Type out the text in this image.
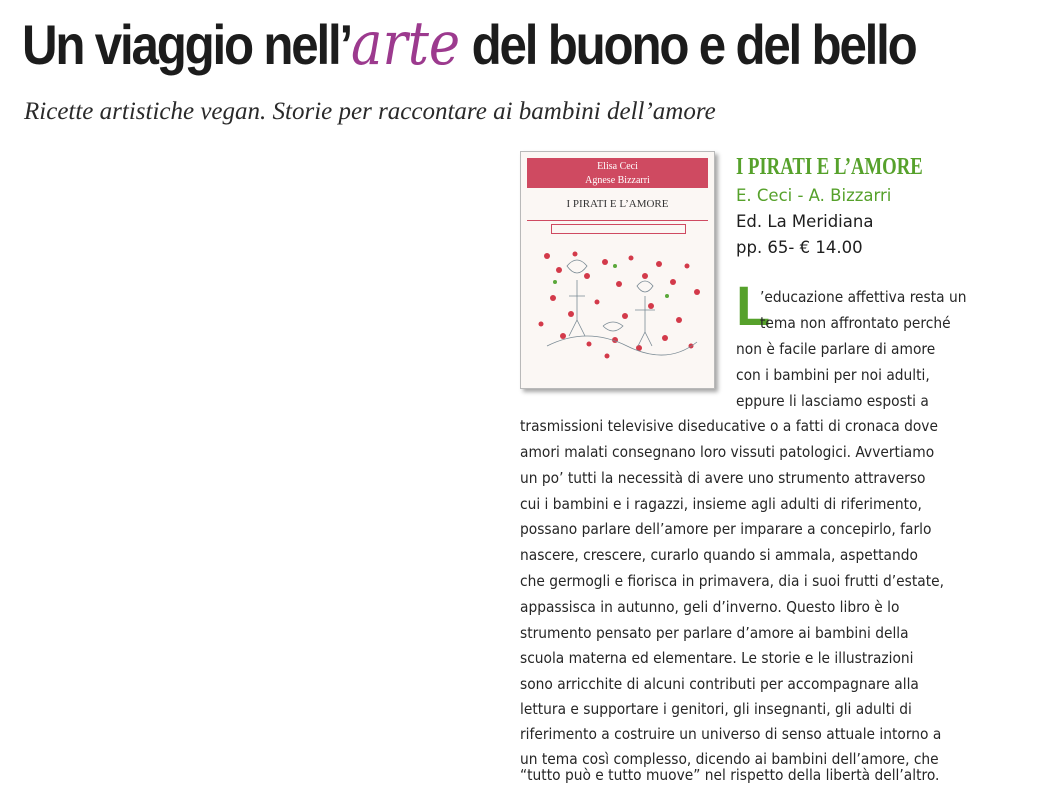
Un viaggio nell’arte del buono e del bello

Ricette artistiche vegan. Storie per raccontare ai bambini dell’amore

Elisa Ceci
Agnese Bizzarri
I PIRATI E L’AMORE
I PIRATI E L’AMORE
E. Ceci - A. Bizzarri
Ed. La Meridiana
pp. 65- € 14.00
L
’educazione affettiva resta un
tema non affrontato perché
non è facile parlare di amore
con i bambini per noi adulti,
eppure li lasciamo esposti a
trasmissioni televisive diseducative o a fatti di cronaca dove
amori malati consegnano loro vissuti patologici. Avvertiamo
un po’ tutti la necessità di avere uno strumento attraverso
cui i bambini e i ragazzi, insieme agli adulti di riferimento,
possano parlare dell’amore per imparare a concepirlo, farlo
nascere, crescere, curarlo quando si ammala, aspettando
che germogli e fiorisca in primavera, dia i suoi frutti d’estate,
appassisca in autunno, geli d’inverno. Questo libro è lo
strumento pensato per parlare d’amore ai bambini della
scuola materna ed elementare. Le storie e le illustrazioni
sono arricchite di alcuni contributi per accompagnare alla
lettura e supportare i genitori, gli insegnanti, gli adulti di
riferimento a costruire un universo di senso attuale intorno a
un tema così complesso, dicendo ai bambini dell’amore, che
“tutto può e tutto muove” nel rispetto della libertà dell’altro.
